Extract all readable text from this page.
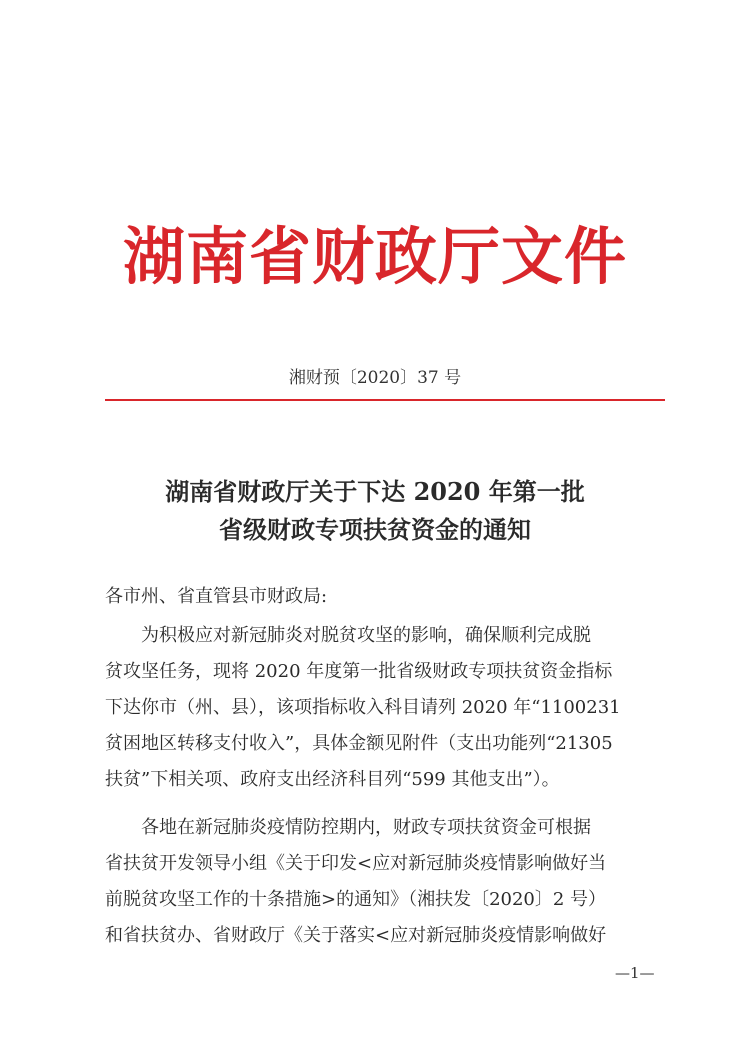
湖南省财政厅文件
湘财预〔2020〕37 号
湖南省财政厅关于下达 2020 年第一批
省级财政专项扶贫资金的通知
各市州、省直管县市财政局:
为积极应对新冠肺炎对脱贫攻坚的影响，确保顺利完成脱
贫攻坚任务，现将 2020 年度第一批省级财政专项扶贫资金指标
下达你市（州、县），该项指标收入科目请列 2020 年“1100231
贫困地区转移支付收入”，具体金额见附件（支出功能列“21305
扶贫”下相关项、政府支出经济科目列“599 其他支出”）。
各地在新冠肺炎疫情防控期内，财政专项扶贫资金可根据
省扶贫开发领导小组《关于印发<应对新冠肺炎疫情影响做好当
前脱贫攻坚工作的十条措施>的通知》（湘扶发〔2020〕2 号）
和省扶贫办、省财政厅《关于落实<应对新冠肺炎疫情影响做好
—1—
